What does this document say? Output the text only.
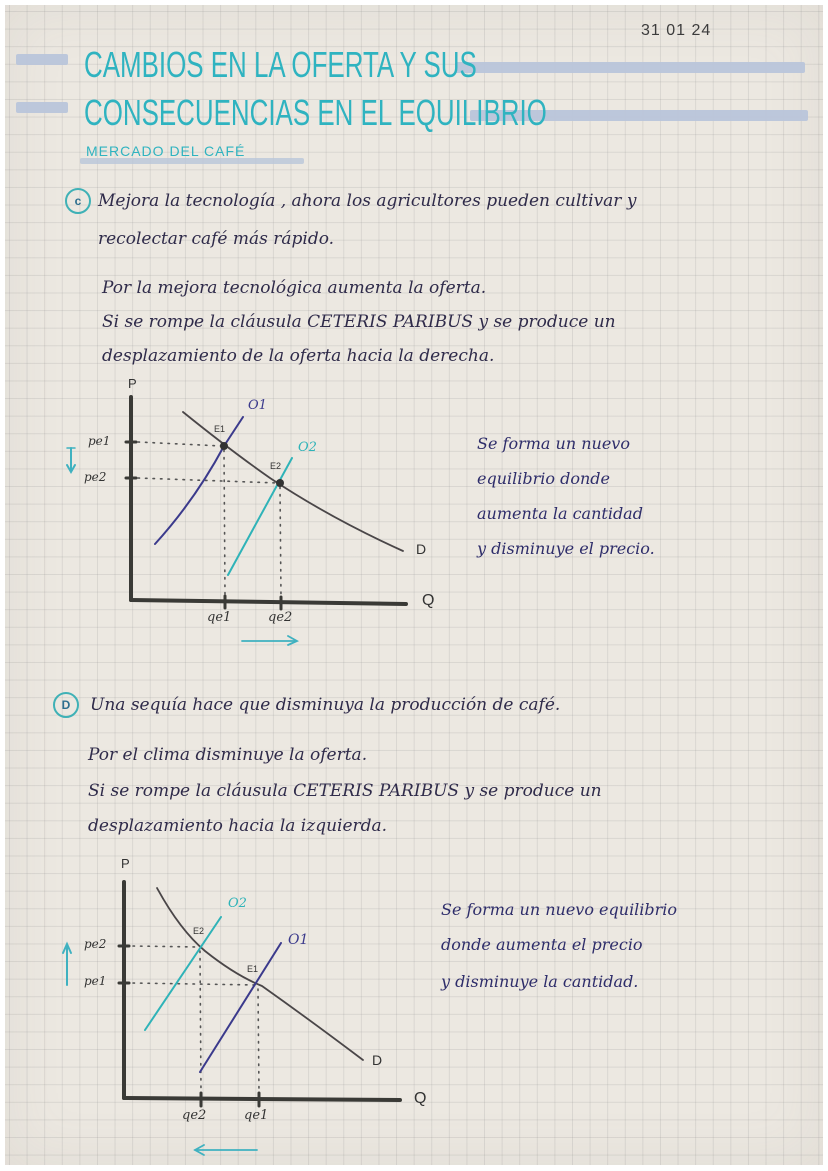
31 01 24
CAMBIOS EN LA OFERTA Y SUS
CONSECUENCIAS EN EL EQUILIBRIO
MERCADO DEL CAFÉ
c Mejora la tecnología , ahora los agricultores pueden cultivar y
recolectar café más rápido.
Por la mejora tecnológica aumenta la oferta.
Si se rompe la cláusula CETERIS PARIBUS y se produce un
desplazamiento de la oferta hacia la derecha.
Se forma un nuevo
equilibrio donde
aumenta la cantidad
y disminuye el precio.
P
O1
O2
E1
E2
pe1
pe2
qe1	qe2
D
Q
D Una sequía hace que disminuya la producción de café.
Por el clima disminuye la oferta.
Si se rompe la cláusula CETERIS PARIBUS y se produce un
desplazamiento hacia la izquierda.
Se forma un nuevo equilibrio
donde aumenta el precio
y disminuye la cantidad.
P
O2
O1
E2
E1
pe2
pe1
qe2	qe1
D
Q
